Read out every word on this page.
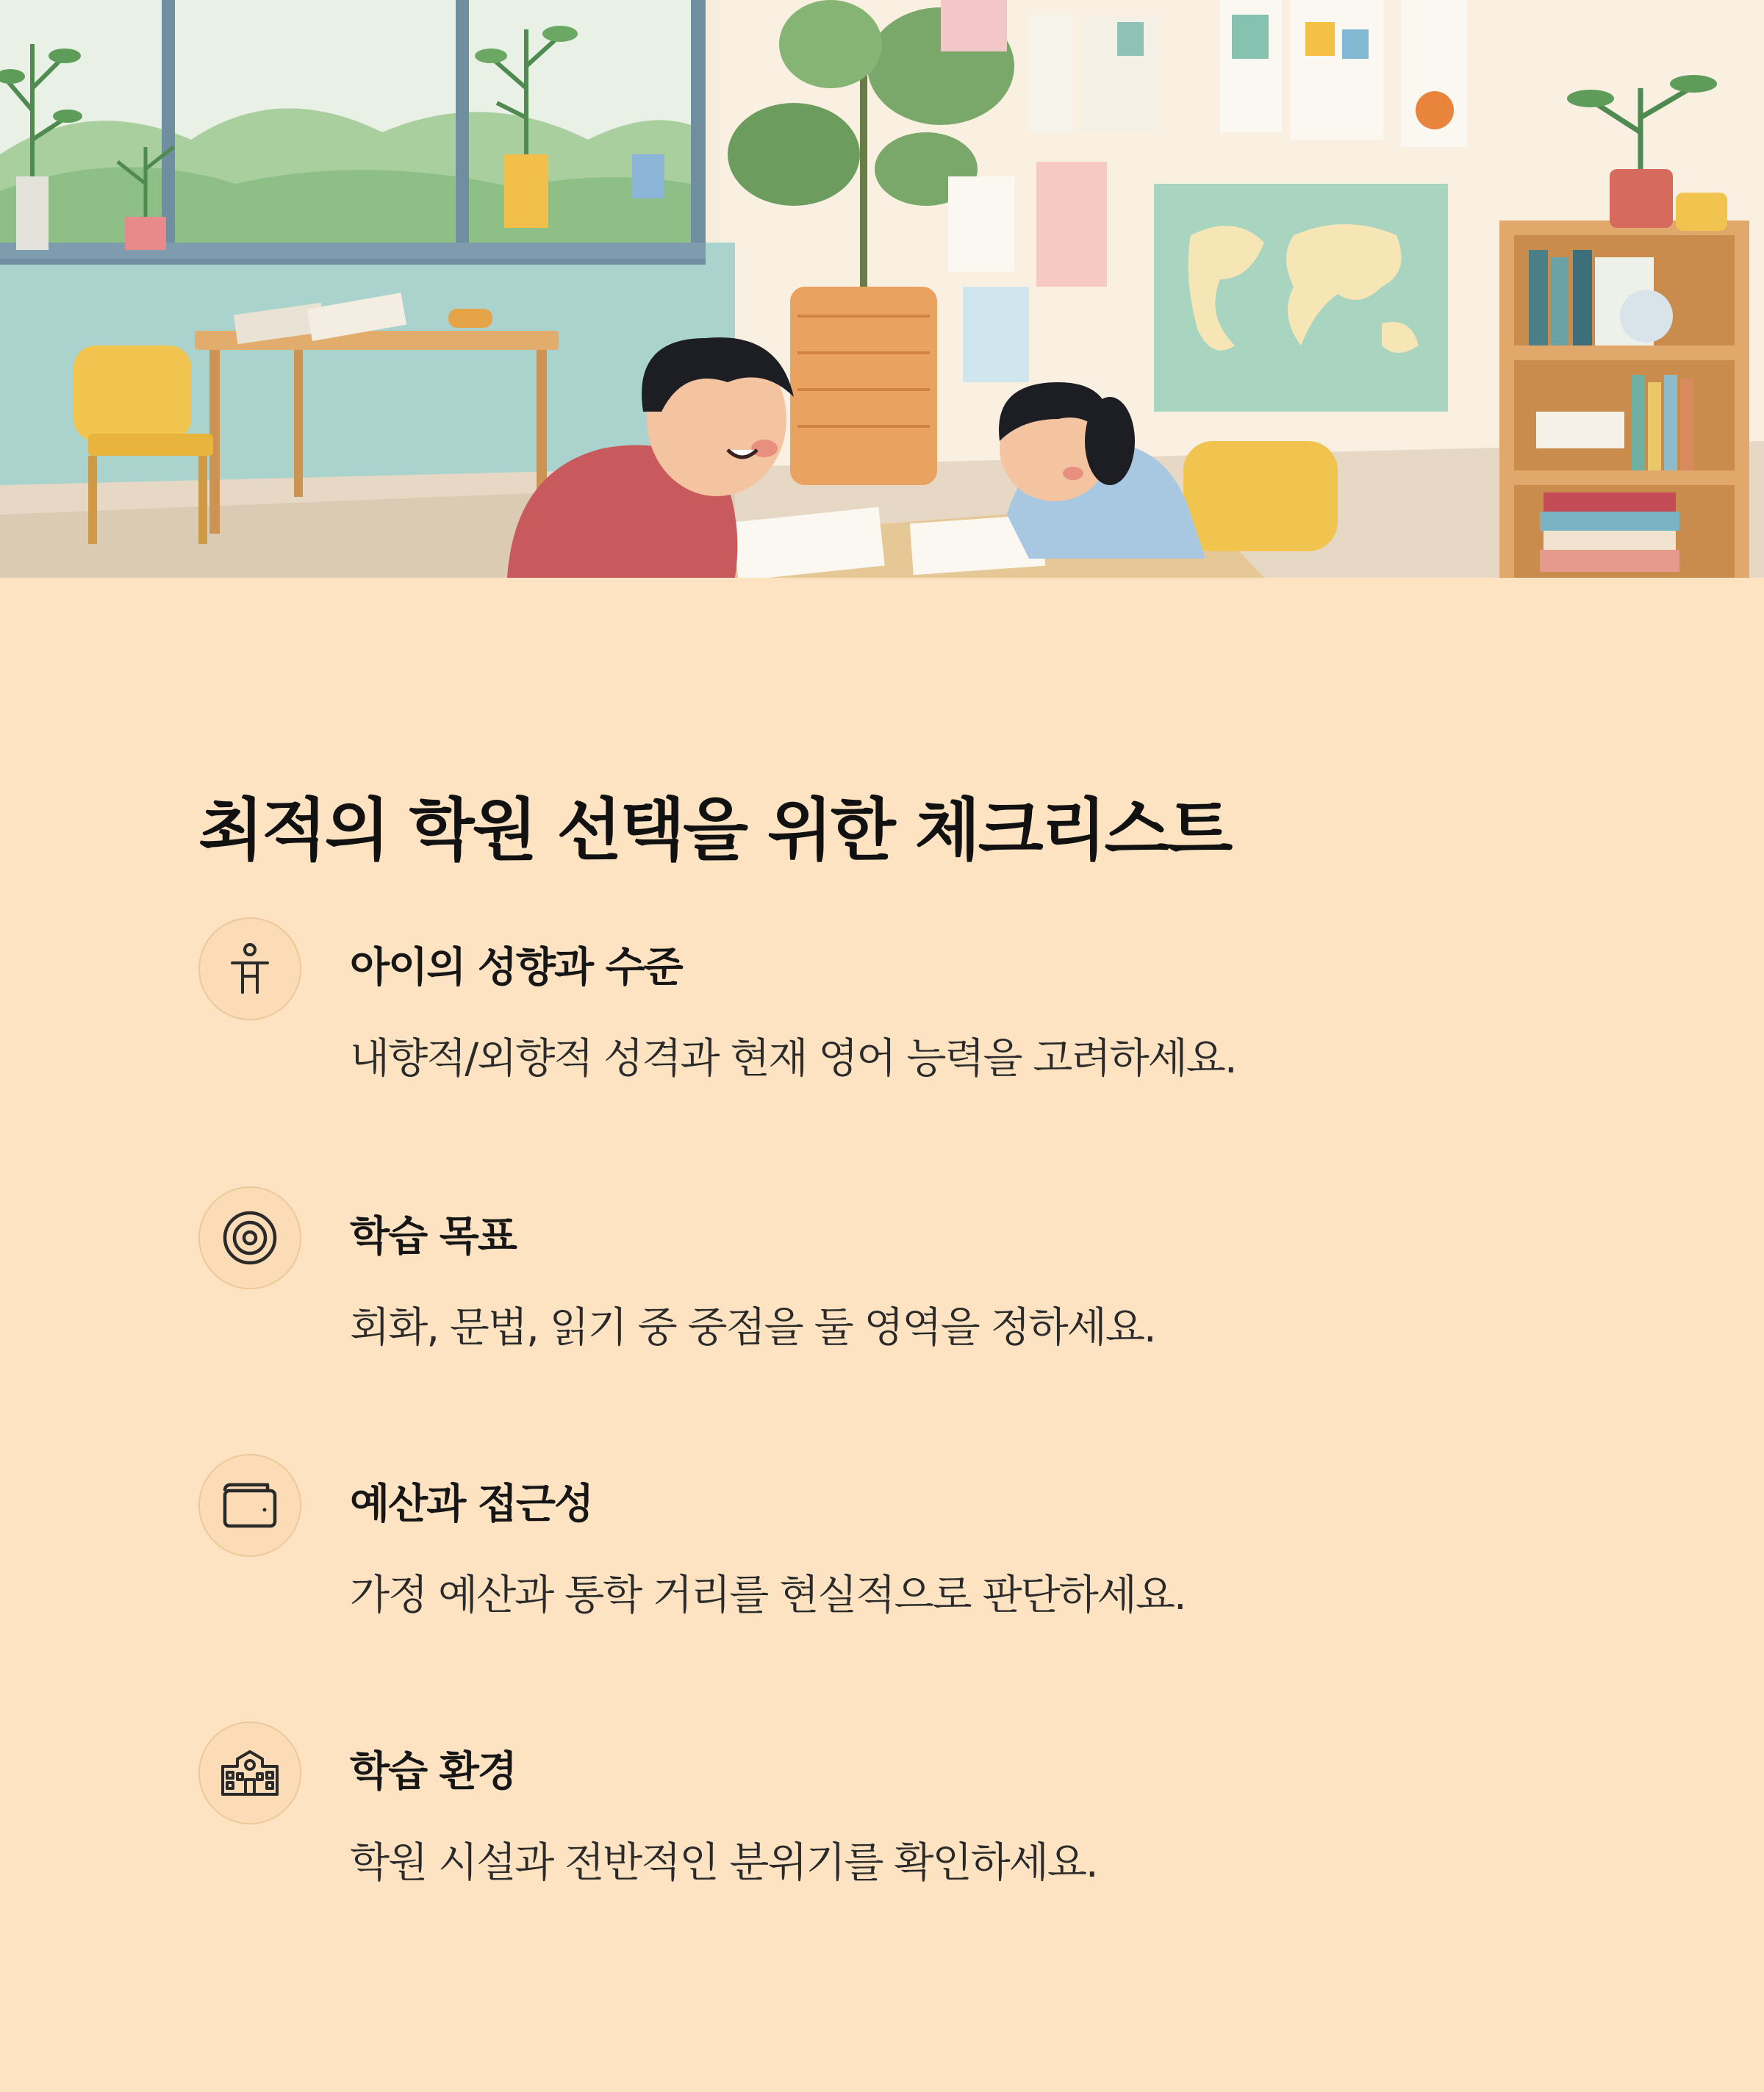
최적의 학원 선택을 위한 체크리스트
아이의 성향과 수준

내향적/외향적 성격과 현재 영어 능력을 고려하세요.

학습 목표

회화, 문법, 읽기 중 중점을 둘 영역을 정하세요.

예산과 접근성

가정 예산과 통학 거리를 현실적으로 판단하세요.

학습 환경

학원 시설과 전반적인 분위기를 확인하세요.
